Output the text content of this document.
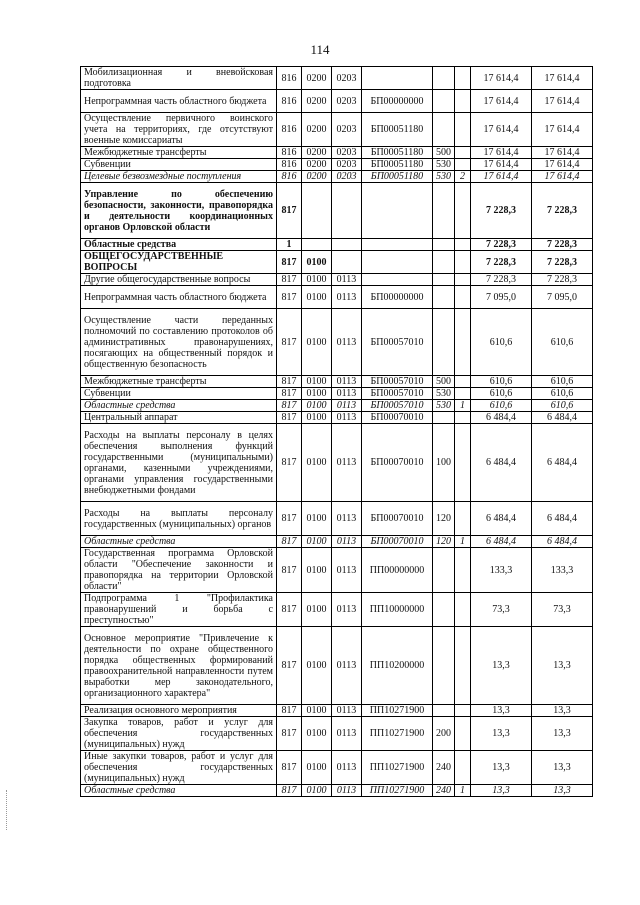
114
Мобилизационная и вневойсковая подготовка	816	0200	0203				17 614,4	17 614,4
Непрограммная часть областного бюджета	816	0200	0203	БП00000000			17 614,4	17 614,4
Осуществление первичного воинского учета на территориях, где отсутствуют военные комиссариаты	816	0200	0203	БП00051180			17 614,4	17 614,4
Межбюджетные трансферты	816	0200	0203	БП00051180	500		17 614,4	17 614,4
Субвенции	816	0200	0203	БП00051180	530		17 614,4	17 614,4
Целевые безвозмездные поступления	816	0200	0203	БП00051180	530	2	17 614,4	17 614,4
Управление по обеспечению безопасности, законности, правопорядка и деятельности координационных органов Орловской области	817						7 228,3	7 228,3
Областные средства	1						7 228,3	7 228,3
ОБЩЕГОСУДАРСТВЕННЫЕ ВОПРОСЫ	817	0100					7 228,3	7 228,3
Другие общегосударственные вопросы	817	0100	0113				7 228,3	7 228,3
Непрограммная часть областного бюджета	817	0100	0113	БП00000000			7 095,0	7 095,0
Осуществление части переданных полномочий по составлению протоколов об административных правонарушениях, посягающих на общественный порядок и общественную безопасность	817	0100	0113	БП00057010			610,6	610,6
Межбюджетные трансферты	817	0100	0113	БП00057010	500		610,6	610,6
Субвенции	817	0100	0113	БП00057010	530		610,6	610,6
Областные средства	817	0100	0113	БП00057010	530	1	610,6	610,6
Центральный аппарат	817	0100	0113	БП00070010			6 484,4	6 484,4
Расходы на выплаты персоналу в целях обеспечения выполнения функций государственными (муниципальными) органами, казенными учреждениями, органами управления государственными внебюджетными фондами	817	0100	0113	БП00070010	100		6 484,4	6 484,4
Расходы на выплаты персоналу государственных (муниципальных) органов	817	0100	0113	БП00070010	120		6 484,4	6 484,4
Областные средства	817	0100	0113	БП00070010	120	1	6 484,4	6 484,4
Государственная программа Орловской области "Обеспечение законности и правопорядка на территории Орловской области"	817	0100	0113	ПП00000000			133,3	133,3
Подпрограмма 1 "Профилактика правонарушений и борьба с преступностью"	817	0100	0113	ПП10000000			73,3	73,3
Основное мероприятие "Привлечение к деятельности по охране общественного порядка общественных формирований правоохранительной направленности путем выработки мер законодательного, организационного характера"	817	0100	0113	ПП10200000			13,3	13,3
Реализация основного мероприятия	817	0100	0113	ПП10271900			13,3	13,3
Закупка товаров, работ и услуг для обеспечения государственных (муниципальных) нужд	817	0100	0113	ПП10271900	200		13,3	13,3
Иные закупки товаров, работ и услуг для обеспечения государственных (муниципальных) нужд	817	0100	0113	ПП10271900	240		13,3	13,3
Областные средства	817	0100	0113	ПП10271900	240	1	13,3	13,3
